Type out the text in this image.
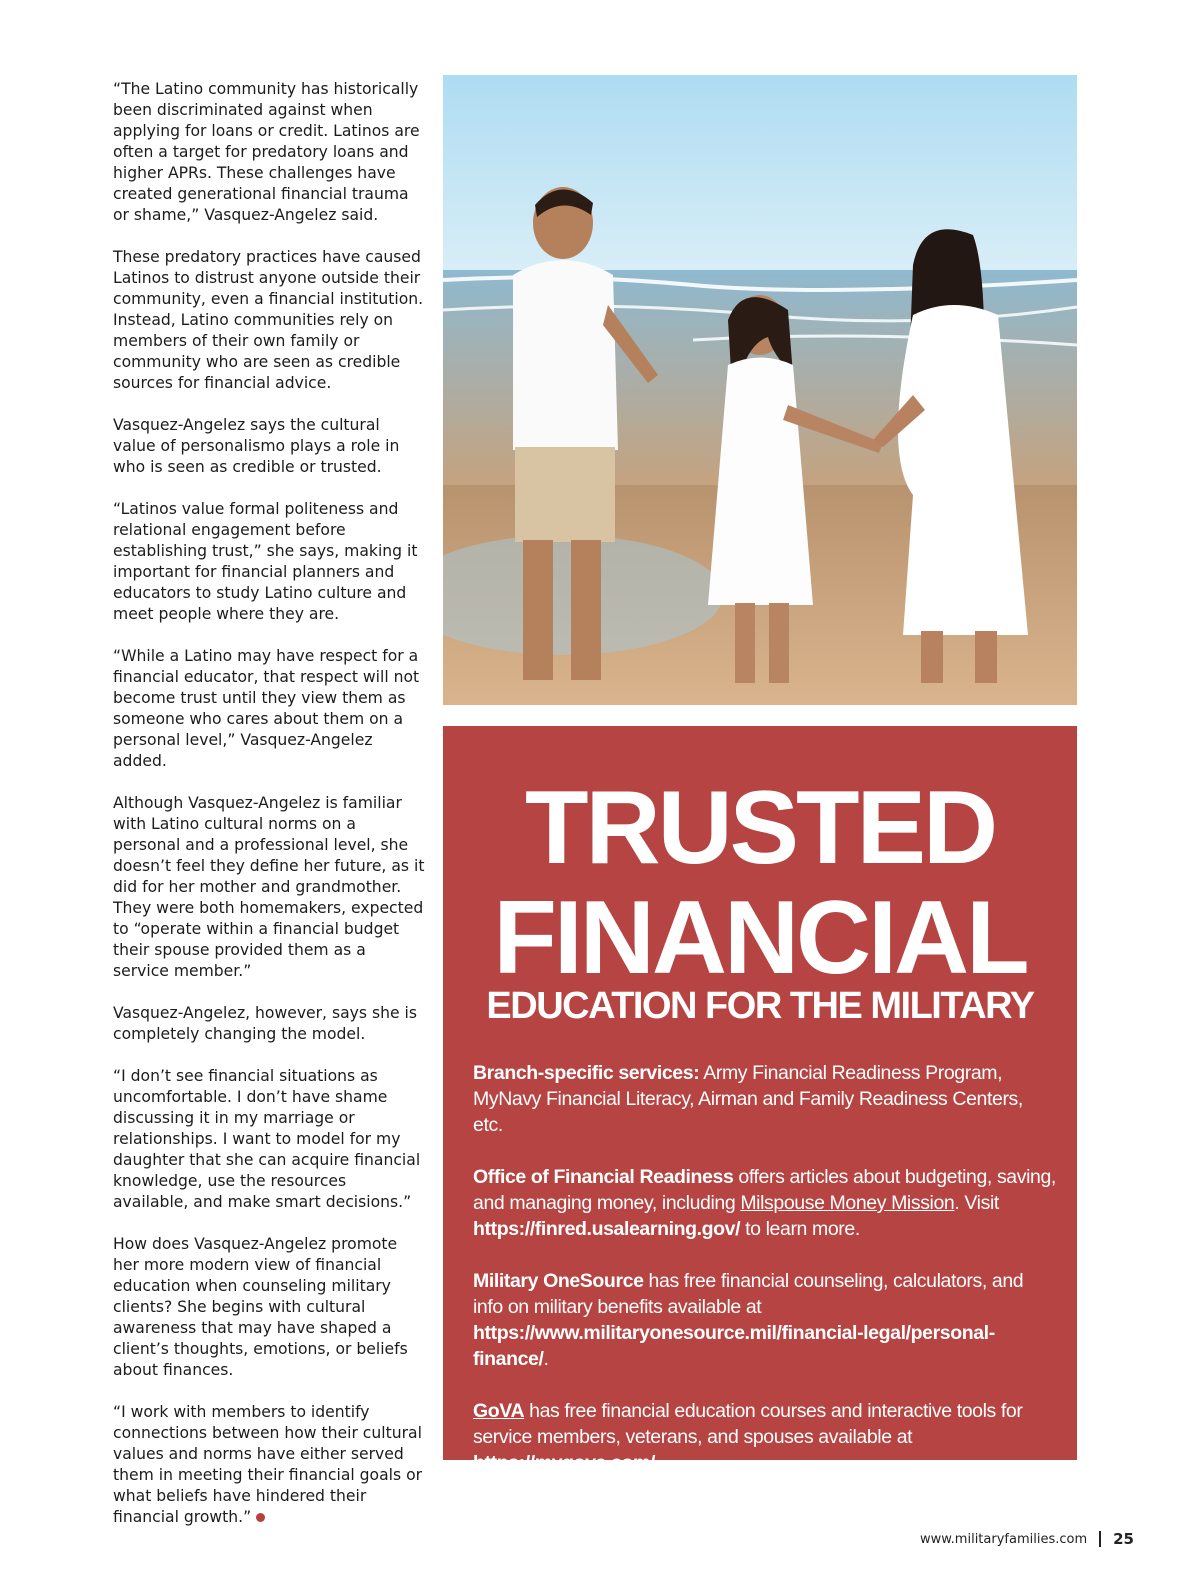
“The Latino community has historically been discriminated against when applying for loans or credit. Latinos are often a target for predatory loans and higher APRs. These challenges have created generational financial trauma or shame,” Vasquez-Angelez said.

These predatory practices have caused Latinos to distrust anyone outside their community, even a financial institution. Instead, Latino communities rely on members of their own family or community who are seen as credible sources for financial advice.

Vasquez-Angelez says the cultural value of personalismo plays a role in who is seen as credible or trusted.

“Latinos value formal politeness and relational engagement before establishing trust,” she says, making it important for financial planners and educators to study Latino culture and meet people where they are.

“While a Latino may have respect for a financial educator, that respect will not become trust until they view them as someone who cares about them on a personal level,” Vasquez-Angelez added.

Although Vasquez-Angelez is familiar with Latino cultural norms on a personal and a professional level, she doesn’t feel they define her future, as it did for her mother and grandmother. They were both homemakers, expected to “operate within a financial budget their spouse provided them as a service member.”

Vasquez-Angelez, however, says she is completely changing the model.

“I don’t see financial situations as uncomfortable. I don’t have shame discussing it in my marriage or relationships. I want to model for my daughter that she can acquire financial knowledge, use the resources available, and make smart decisions.”

How does Vasquez-Angelez promote her more modern view of financial education when counseling military clients? She begins with cultural awareness that may have shaped a client’s thoughts, emotions, or beliefs about finances.

“I work with members to identify connections between how their cultural values and norms have either served them in meeting their financial goals or what beliefs have hindered their financial growth.”

TRUSTED
FINANCIAL
EDUCATION FOR THE MILITARY

Branch-specific services: Army Financial Readiness Program, MyNavy Financial Literacy, Airman and Family Readiness Centers, etc.

Office of Financial Readiness offers articles about budgeting, saving, and managing money, including Milspouse Money Mission. Visit https://finred.usalearning.gov/ to learn more.

Military OneSource has free financial counseling, calculators, and info on military benefits available at https://www.militaryonesource.mil/financial-legal/personal-finance/.

GoVA has free financial education courses and interactive tools for service members, veterans, and spouses available at https://mygova.com/.

www.militaryfamilies.com 25
